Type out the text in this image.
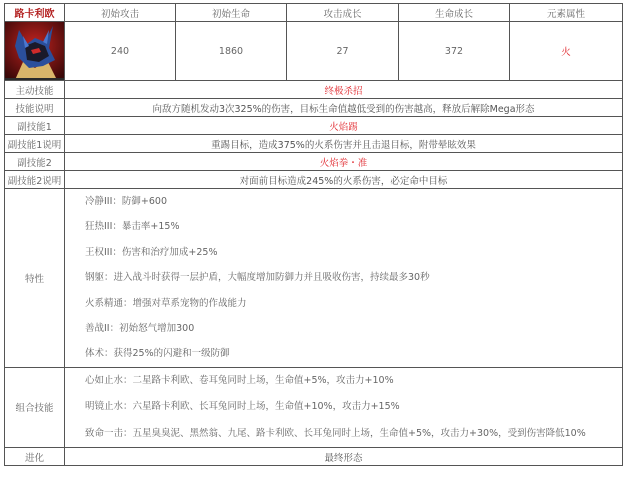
路卡利欧	初始攻击	初始生命	攻击成长	生命成长	元素属性

	240	1860	27	372	火
主动技能	终极杀招				
技能说明	向敌方随机发动3次325%的伤害，目标生命值越低受到的伤害越高，释放后解除Mega形态				
副技能1	火焰踢				
副技能1说明	重踢目标，造成375%的火系伤害并且击退目标，附带晕眩效果				
副技能2	火焰拳・准				
副技能2说明	对面前目标造成245%的火系伤害，必定命中目标				
特性	
冷静III：防御+600
狂热III：暴击率+15%
王权III：伤害和治疗加成+25%
钢躯：进入战斗时获得一层护盾，大幅度增加防御力并且吸收伤害，持续最多30秒
火系精通：增强对草系宠物的作战能力
善战II：初始怒气增加300
体术：获得25%的闪避和一级防御

组合技能	心如止水：二星路卡利欧、卷耳兔同时上场，生命值+5%，攻击力+10%
明镜止水：六星路卡利欧、长耳兔同时上场，生命值+10%，攻击力+15%
致命一击：五星臭臭泥、黑然翁、九尾、路卡利欧、长耳兔同时上场，生命值+5%，攻击力+30%，受到伤害降低10%				

进化	最终形态				
